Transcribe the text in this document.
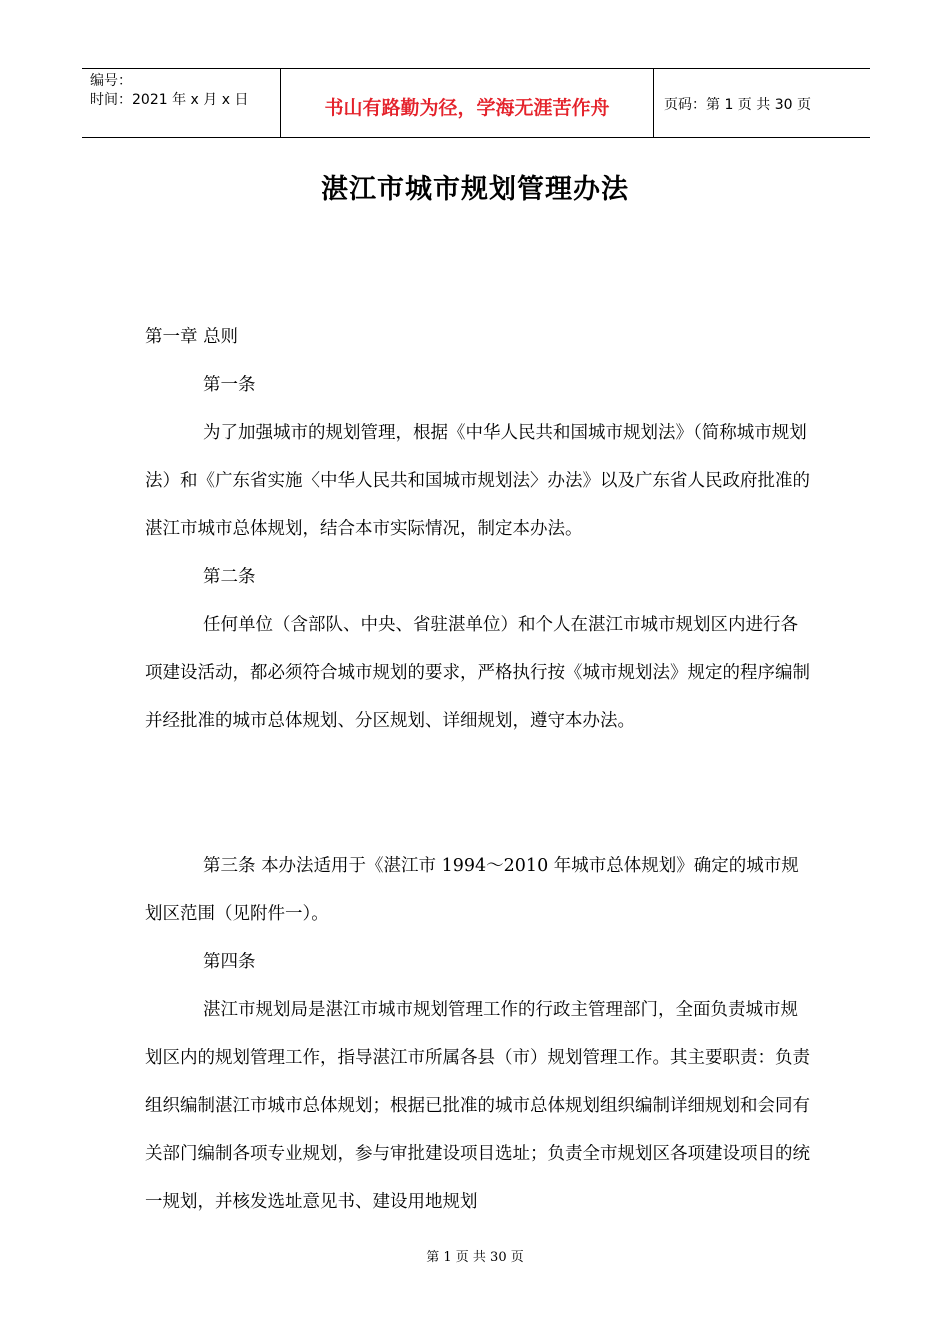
编号：
时间：2021 年 x 月 x 日	书山有路勤为径，学海无涯苦作舟	页码：第 1 页 共 30 页
湛江市城市规划管理办法

第一章 总则

第一条

为了加强城市的规划管理，根据《中华人民共和国城市规划法》（简称城市规划法）和《广东省实施〈中华人民共和国城市规划法〉办法》以及广东省人民政府批准的湛江市城市总体规划，结合本市实际情况，制定本办法。

第二条

任何单位（含部队、中央、省驻湛单位）和个人在湛江市城市规划区内进行各项建设活动，都必须符合城市规划的要求，严格执行按《城市规划法》规定的程序编制并经批准的城市总体规划、分区规划、详细规划，遵守本办法。

第三条 本办法适用于《湛江市 1994～2010 年城市总体规划》确定的城市规划区范围（见附件一）。

第四条

湛江市规划局是湛江市城市规划管理工作的行政主管理部门，全面负责城市规划区内的规划管理工作，指导湛江市所属各县（市）规划管理工作。其主要职责：负责组织编制湛江市城市总体规划；根据已批准的城市总体规划组织编制详细规划和会同有关部门编制各项专业规划，参与审批建设项目选址；负责全市规划区各项建设项目的统一规划，并核发选址意见书、建设用地规划

第 1 页 共 30 页
